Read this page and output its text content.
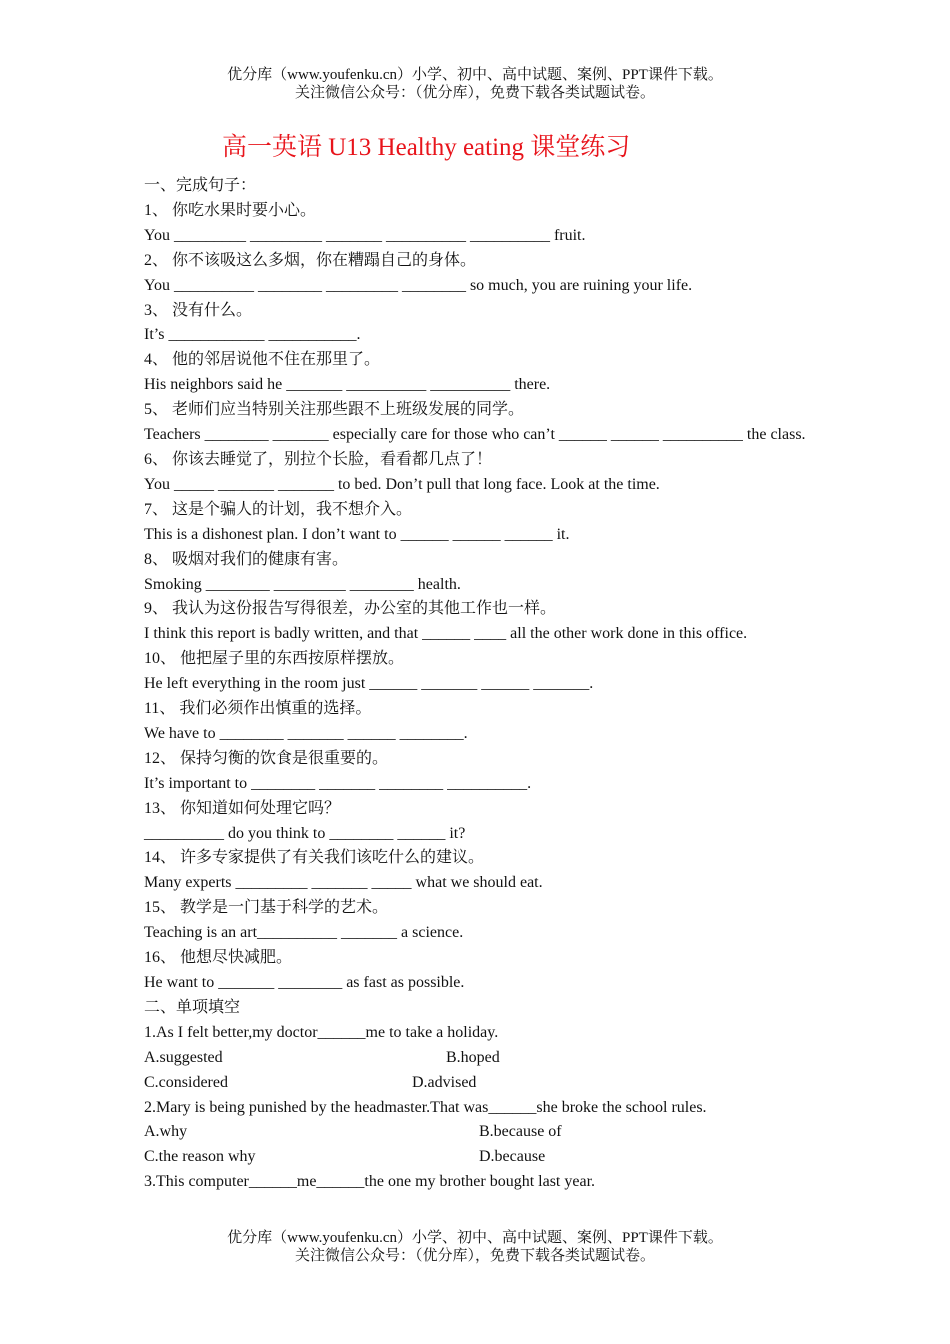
优分库（www.youfenku.cn）小学、初中、高中试题、案例、PPT课件下载。
关注微信公众号：（优分库），免费下载各类试题试卷。
高一英语 U13 Healthy eating 课堂练习
一、完成句子：
1、 你吃水果时要小心。
You _________ _________ _______ __________ __________ fruit.
2、 你不该吸这么多烟，你在糟蹋自己的身体。
You __________ ________ _________ ________ so much, you are ruining your life.
3、 没有什么。
It’s ____________ ___________.
4、 他的邻居说他不住在那里了。
His neighbors said he _______ __________ __________ there.
5、 老师们应当特别关注那些跟不上班级发展的同学。
Teachers ________ _______ especially care for those who can’t ______ ______ __________ the class.
6、 你该去睡觉了，别拉个长脸，看看都几点了！
You _____ _______ _______ to bed. Don’t pull that long face. Look at the time.
7、 这是个骗人的计划，我不想介入。
This is a dishonest plan. I don’t want to ______ ______ ______ it.
8、 吸烟对我们的健康有害。
Smoking ________ _________ ________ health.
9、 我认为这份报告写得很差，办公室的其他工作也一样。
I think this report is badly written, and that ______ ____ all the other work done in this office.
10、 他把屋子里的东西按原样摆放。
He left everything in the room just ______ _______ ______ _______.
11、 我们必须作出慎重的选择。
We have to ________ _______ ______ ________.
12、 保持匀衡的饮食是很重要的。
It’s important to ________ _______ ________ __________.
13、 你知道如何处理它吗？
__________ do you think to ________ ______ it?
14、 许多专家提供了有关我们该吃什么的建议。
Many experts _________ _______ _____ what we should eat.
15、 教学是一门基于科学的艺术。
Teaching is an art__________ _______ a science.
16、 他想尽快减肥。
He want to _______ ________ as fast as possible.
二、单项填空
1.As I felt better,my doctor______me to take a holiday.
A.suggested	B.hoped
C.considered	D.advised
2.Mary is being punished by the headmaster.That was______she broke the school rules.
A.why	B.because of
C.the reason why	D.because
3.This computer______me______the one my brother bought last year.
优分库（www.youfenku.cn）小学、初中、高中试题、案例、PPT课件下载。
关注微信公众号：（优分库），免费下载各类试题试卷。
